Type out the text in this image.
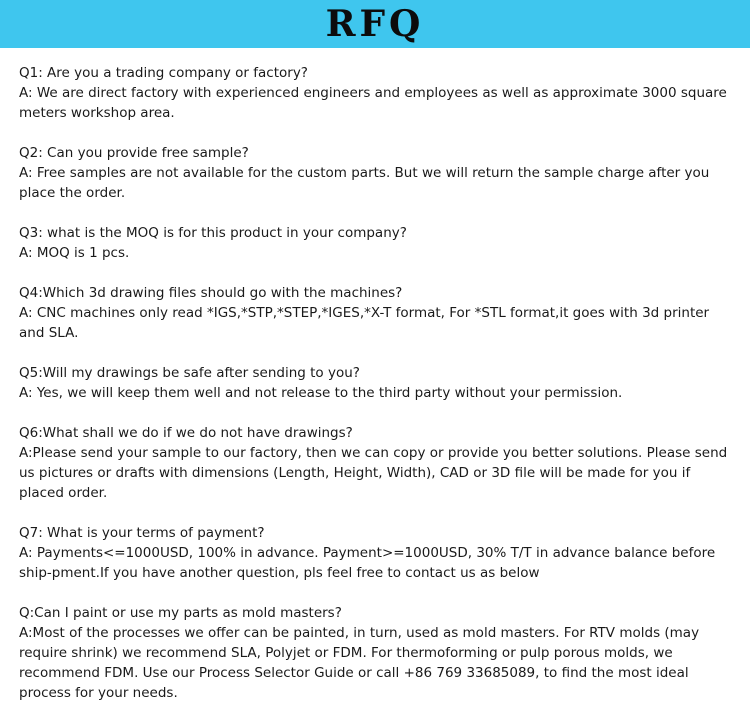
RFQ

Q1: Are you a trading company or factory?

A: We are direct factory with experienced engineers and employees as well as approximate 3000 square meters workshop area.

Q2: Can you provide free sample?

A: Free samples are not available for the custom parts. But we will return the sample charge after you place the order.

Q3: what is the MOQ is for this product in your company?

A: MOQ is 1 pcs.

Q4:Which 3d drawing files should go with the machines?

A: CNC machines only read *IGS,*STP,*STEP,*IGES,*X-T format, For *STL format,it goes with 3d printer and SLA.

Q5:Will my drawings be safe after sending to you?

A: Yes, we will keep them well and not release to the third party without your permission.

Q6:What shall we do if we do not have drawings?

A:Please send your sample to our factory, then we can copy or provide you better solutions. Please send us pictures or drafts with dimensions (Length, Height, Width), CAD or 3D file will be made for you if placed order.

Q7: What is your terms of payment?

A: Payments<=1000USD, 100% in advance. Payment>=1000USD, 30% T/T in advance balance before ship-pment.If you have another question, pls feel free to contact us as below

Q:Can I paint or use my parts as mold masters?

A:Most of the processes we offer can be painted, in turn, used as mold masters. For RTV molds (may require shrink) we recommend SLA, Polyjet or FDM. For thermoforming or pulp porous molds, we recommend FDM. Use our Process Selector Guide or call +86 769 33685089, to find the most ideal process for your needs.
